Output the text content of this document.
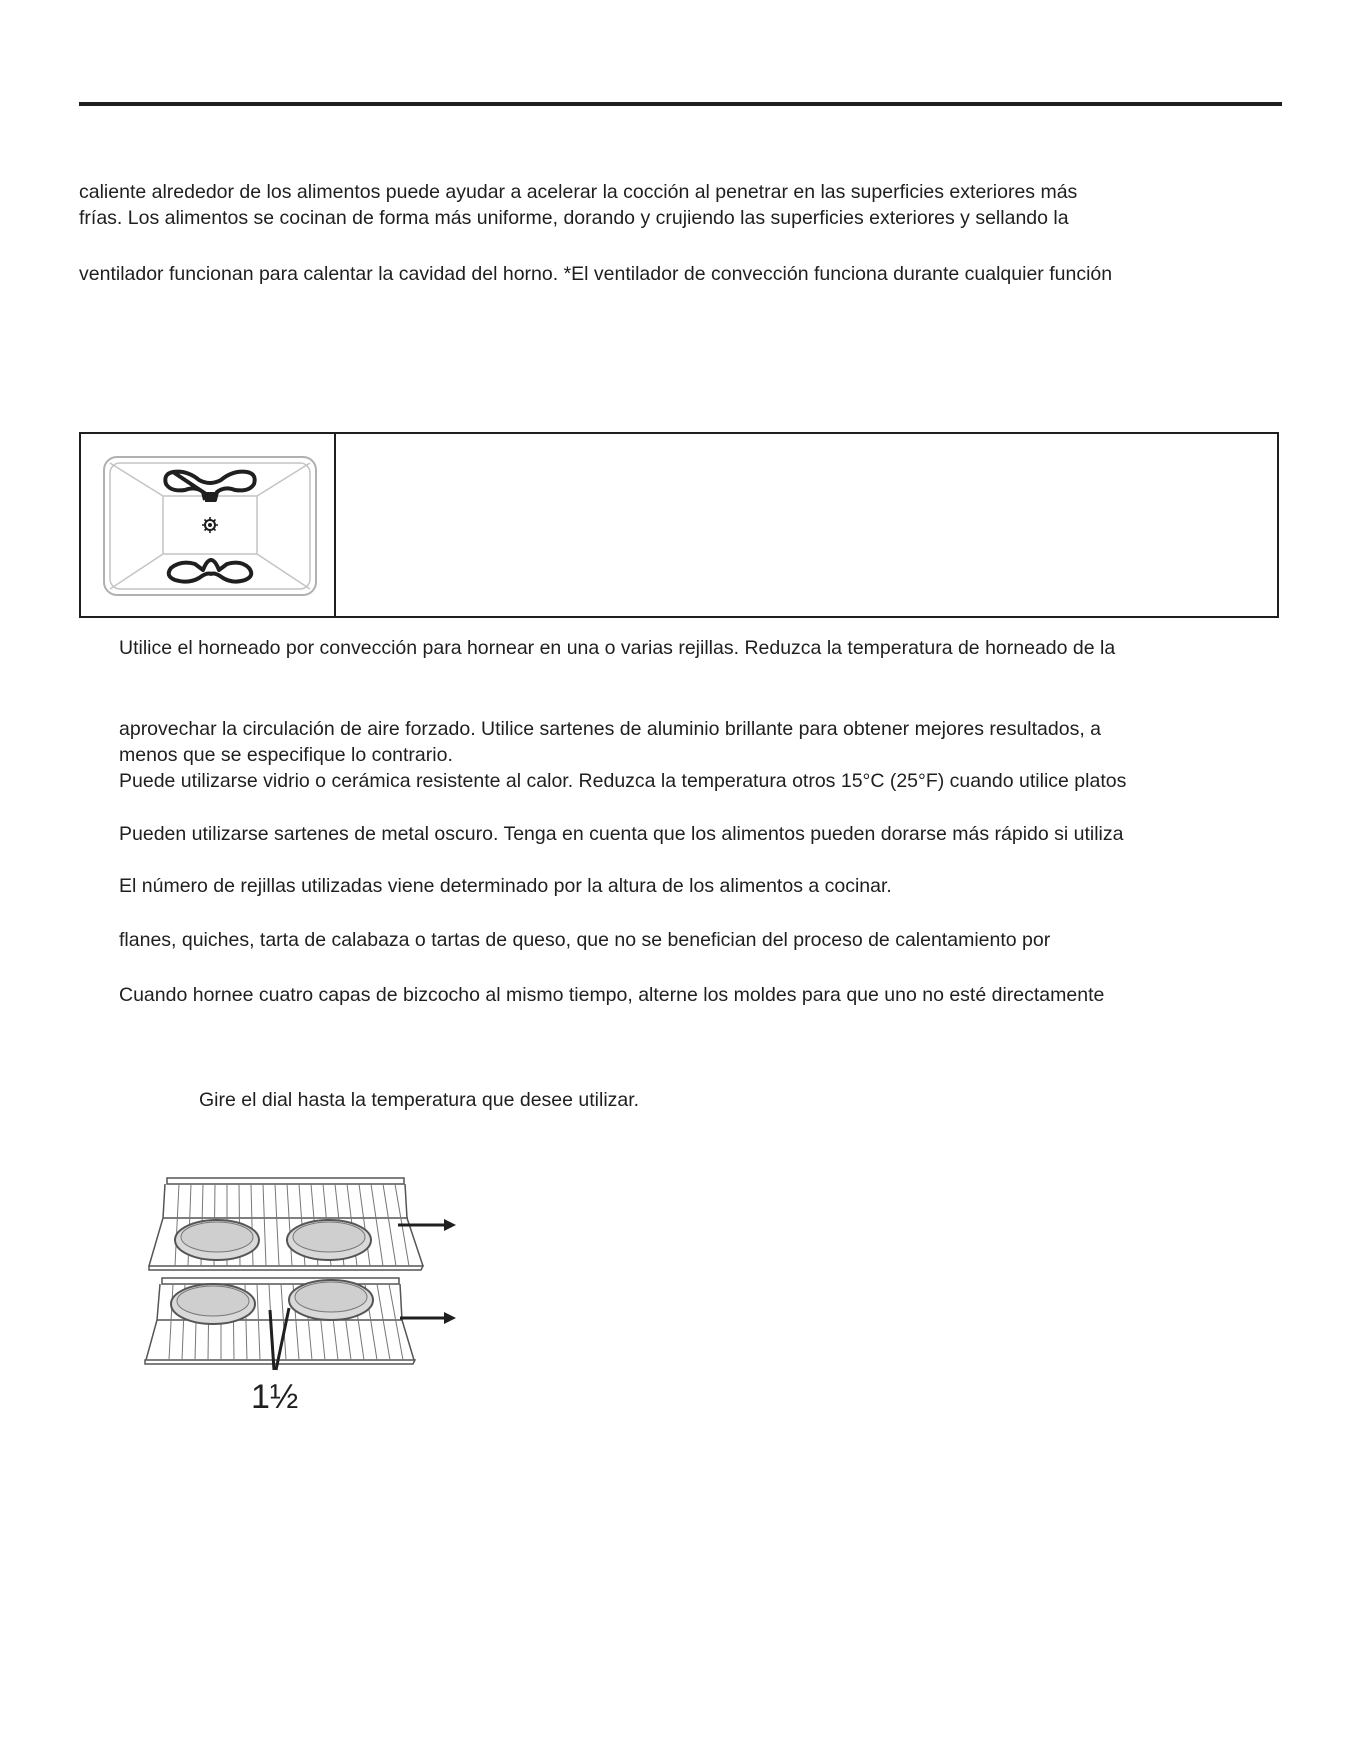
caliente alrededor de los alimentos puede ayudar a acelerar la cocción al penetrar en las superficies exteriores más
frías. Los alimentos se cocinan de forma más uniforme, dorando y crujiendo las superficies exteriores y sellando la
ventilador funcionan para calentar la cavidad del horno. *El ventilador de convección funciona durante cualquier función
Utilice el horneado por convección para hornear en una o varias rejillas. Reduzca la temperatura de horneado de la
aprovechar la circulación de aire forzado. Utilice sartenes de aluminio brillante para obtener mejores resultados, a
menos que se especifique lo contrario.
Puede utilizarse vidrio o cerámica resistente al calor. Reduzca la temperatura otros 15°C (25°F) cuando utilice platos
Pueden utilizarse sartenes de metal oscuro. Tenga en cuenta que los alimentos pueden dorarse más rápido si utiliza
El número de rejillas utilizadas viene determinado por la altura de los alimentos a cocinar.
flanes, quiches, tarta de calabaza o tartas de queso, que no se benefician del proceso de calentamiento por
Cuando hornee cuatro capas de bizcocho al mismo tiempo, alterne los moldes para que uno no esté directamente
Gire el dial hasta la temperatura que desee utilizar.
1½
